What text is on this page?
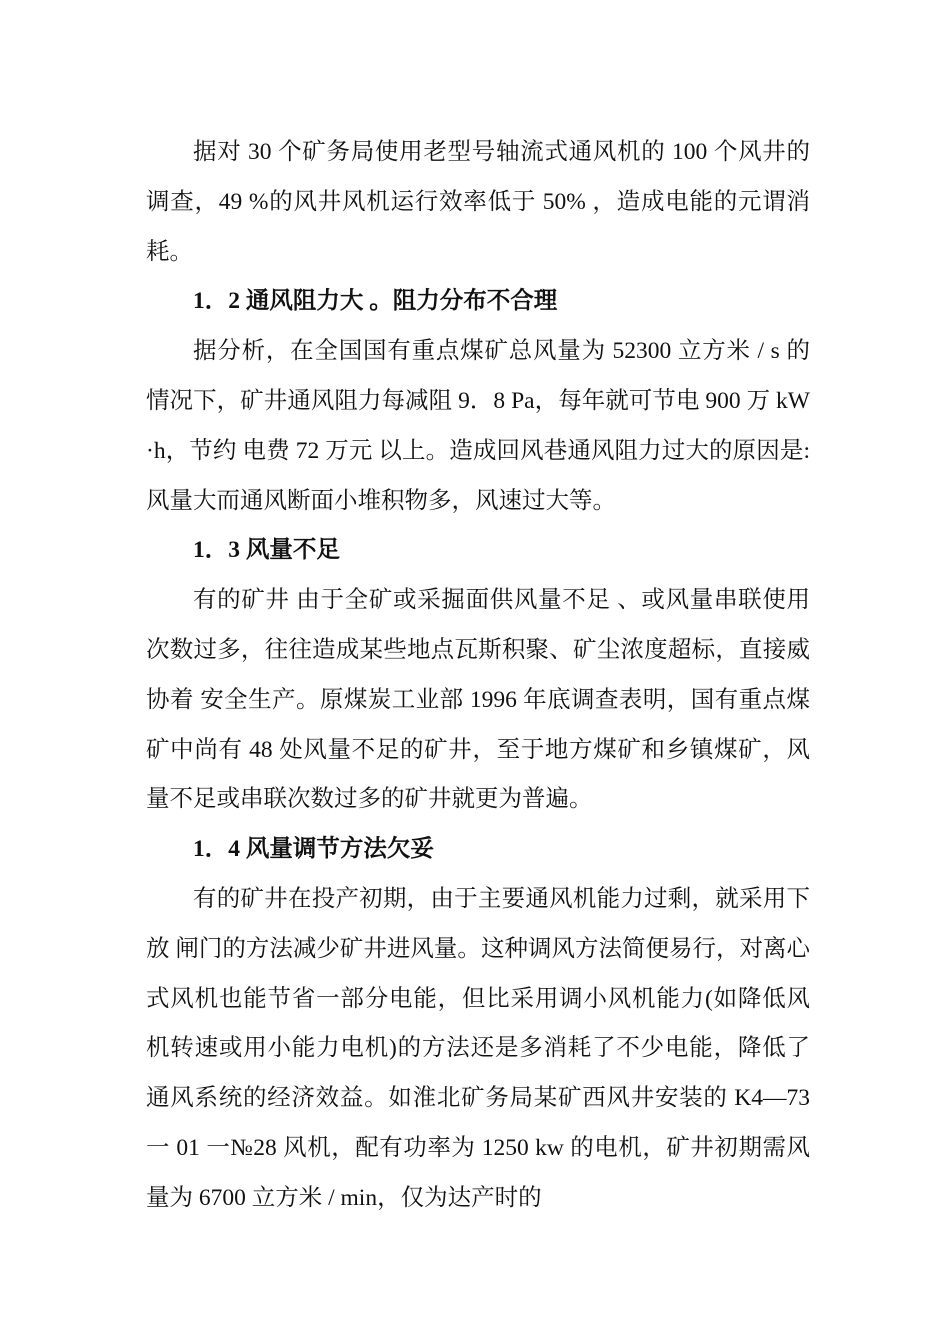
据对 30 个矿务局使用老型号轴流式通风机的 100 个风井的调查，49 %的风井风机运行效率低于 50% ，造成电能的元谓消耗。

1．2 通风阻力大 。阻力分布不合理

据分析，在全国国有重点煤矿总风量为 52300 立方米 / s 的情况下，矿井通风阻力每减阻 9．8 Pa，每年就可节电 900 万 kW ·h，节约 电费 72 万元 以上。造成回风巷通风阻力过大的原因是:风量大而通风断面小堆积物多，风速过大等。

1．3 风量不足

有的矿井 由于全矿或采掘面供风量不足 、或风量串联使用次数过多，往往造成某些地点瓦斯积聚、矿尘浓度超标，直接威 协着 安全生产。原煤炭工业部 1996 年底调查表明，国有重点煤矿中尚有 48 处风量不足的矿井，至于地方煤矿和乡镇煤矿，风量不足或串联次数过多的矿井就更为普遍。

1．4 风量调节方法欠妥

有的矿井在投产初期，由于主要通风机能力过剩，就采用下放 闸门的方法减少矿井进风量。这种调风方法简便易行，对离心式风机也能节省一部分电能，但比采用调小风机能力(如降低风机转速或用小能力电机)的方法还是多消耗了不少电能，降低了通风系统的经济效益。如淮北矿务局某矿西风井安装的 K4—73 一 01 一№28 风机，配有功率为 1250 kw 的电机，矿井初期需风量为 6700 立方米 / min，仅为达产时的
